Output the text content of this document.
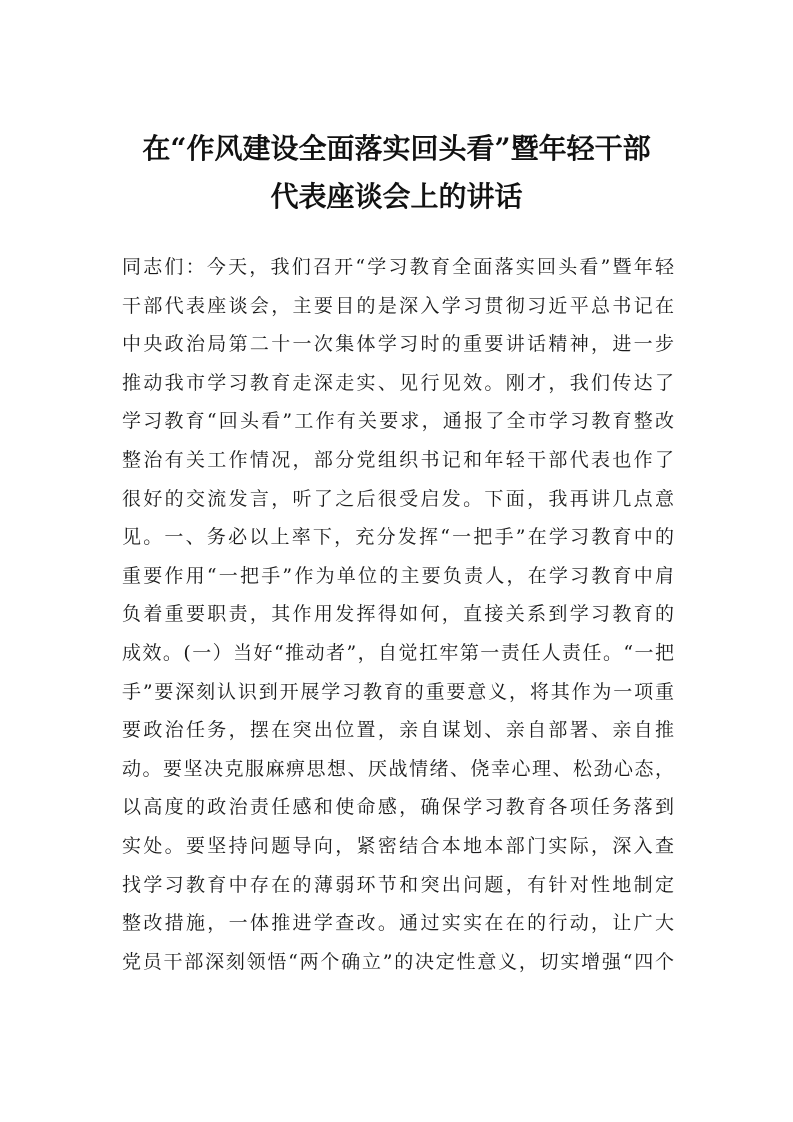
在“作风建设全面落实回头看”暨年轻干部
代表座谈会上的讲话
同志们：今天，我们召开“学习教育全面落实回头看”暨年轻
干部代表座谈会，主要目的是深入学习贯彻习近平总书记在
中央政治局第二十一次集体学习时的重要讲话精神，进一步
推动我市学习教育走深走实、见行见效。刚才，我们传达了
学习教育“回头看”工作有关要求，通报了全市学习教育整改
整治有关工作情况，部分党组织书记和年轻干部代表也作了
很好的交流发言，听了之后很受启发。下面，我再讲几点意
见。一、务必以上率下，充分发挥“一把手”在学习教育中的
重要作用“一把手”作为单位的主要负责人，在学习教育中肩
负着重要职责，其作用发挥得如何，直接关系到学习教育的
成效。(一）当好“推动者”，自觉扛牢第一责任人责任。“一把
手”要深刻认识到开展学习教育的重要意义，将其作为一项重
要政治任务，摆在突出位置，亲自谋划、亲自部署、亲自推
动。要坚决克服麻痹思想、厌战情绪、侥幸心理、松劲心态，
以高度的政治责任感和使命感，确保学习教育各项任务落到
实处。要坚持问题导向，紧密结合本地本部门实际，深入查
找学习教育中存在的薄弱环节和突出问题，有针对性地制定
整改措施，一体推进学查改。通过实实在在的行动，让广大
党员干部深刻领悟“两个确立”的决定性意义，切实增强“四个
